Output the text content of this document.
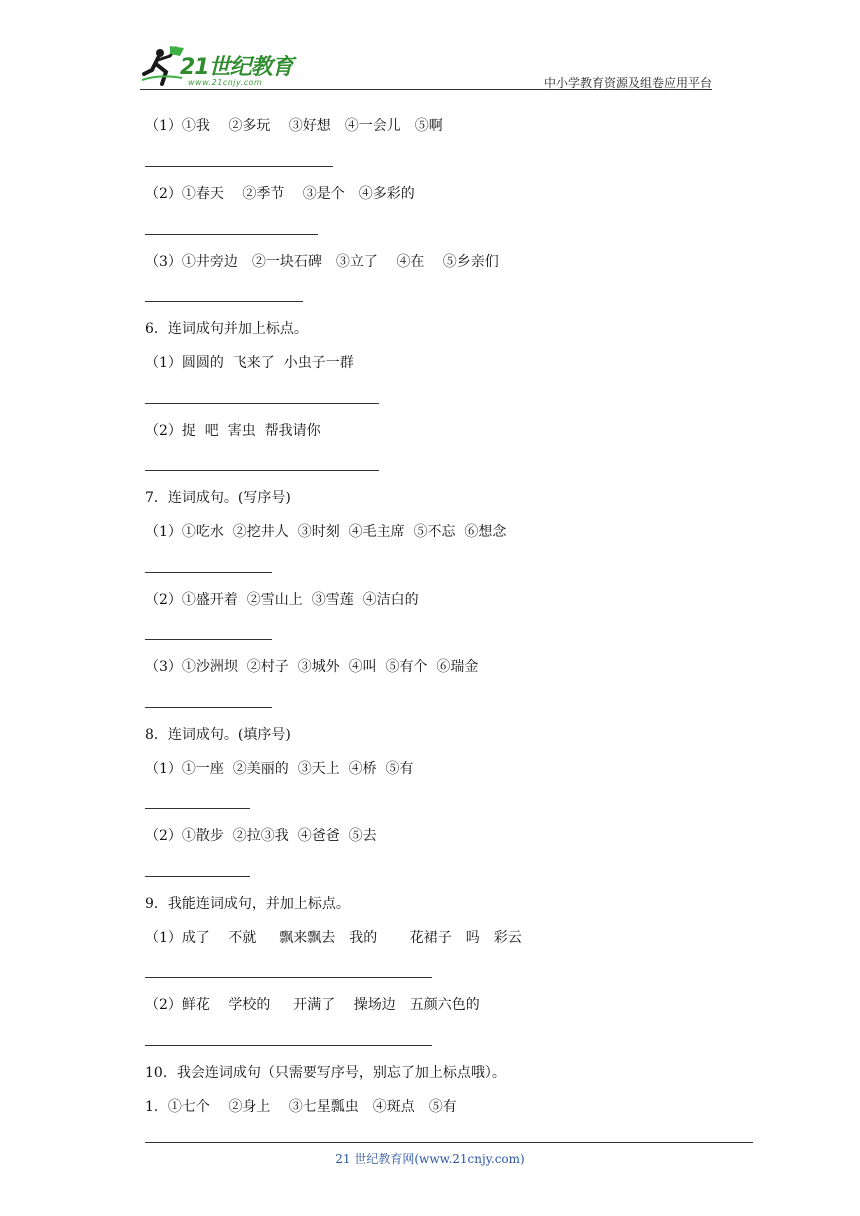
21世纪教育
www.21cnjy.com	中小学教育资源及组卷应用平台
（1）①我　 ②多玩　 ③好想　④一会儿　⑤啊
（2）①春天　 ②季节　 ③是个　④多彩的
（3）①井旁边　②一块石碑　③立了　 ④在　 ⑤乡亲们
6．连词成句并加上标点。
（1）圆圆的  飞来了  小虫子一群
（2）捉  吧  害虫  帮我请你
7．连词成句。(写序号)
（1）①吃水  ②挖井人  ③时刻  ④毛主席  ⑤不忘  ⑥想念
（2）①盛开着  ②雪山上  ③雪莲  ④洁白的
（3）①沙洲坝  ②村子  ③城外  ④叫  ⑤有个  ⑥瑞金
8．连词成句。(填序号)
（1）①一座  ②美丽的  ③天上  ④桥  ⑤有
（2）①散步  ②拉③我  ④爸爸  ⑤去
9．我能连词成句，并加上标点。
（1）成了　 不就　  飘来飘去　我的　　 花裙子　吗　彩云
（2）鲜花　 学校的　  开满了　 操场边　五颜六色的
10．我会连词成句（只需要写序号，别忘了加上标点哦）。
1．①七个　 ②身上　 ③七星瓢虫　④斑点　⑤有
21 世纪教育网(www.21cnjy.com)
